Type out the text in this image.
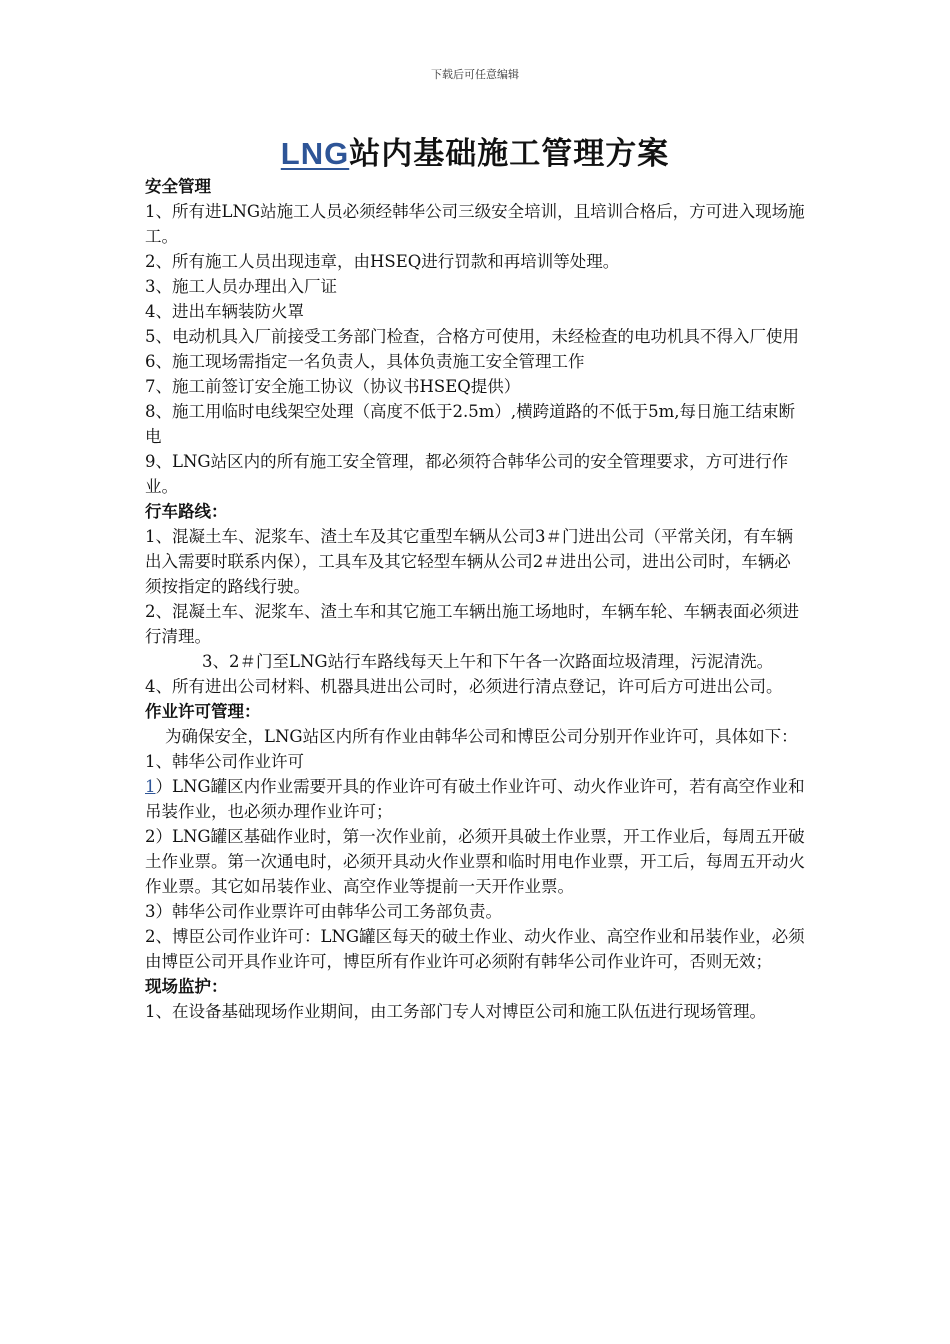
下载后可任意编辑
LNG站内基础施工管理方案

安全管理

1、所有进LNG站施工人员必须经韩华公司三级安全培训，且培训合格后，方可进入现场施工。

2、所有施工人员出现违章，由HSEQ进行罚款和再培训等处理。

3、施工人员办理出入厂证

4、进出车辆装防火罩

5、电动机具入厂前接受工务部门检查，合格方可使用，未经检查的电功机具不得入厂使用

6、施工现场需指定一名负责人，具体负责施工安全管理工作

7、施工前签订安全施工协议（协议书HSEQ提供）

8、施工用临时电线架空处理（高度不低于2.5m）,横跨道路的不低于5m,每日施工结束断电

9、LNG站区内的所有施工安全管理，都必须符合韩华公司的安全管理要求，方可进行作业。

行车路线：

1、混凝土车、泥浆车、渣土车及其它重型车辆从公司3＃门进出公司（平常关闭，有车辆出入需要时联系内保），工具车及其它轻型车辆从公司2＃进出公司，进出公司时，车辆必须按指定的路线行驶。

2、混凝土车、泥浆车、渣土车和其它施工车辆出施工场地时，车辆车轮、车辆表面必须进行清理。

3、2＃门至LNG站行车路线每天上午和下午各一次路面垃圾清理，污泥清洗。

4、所有进出公司材料、机器具进出公司时，必须进行清点登记，许可后方可进出公司。

作业许可管理：

为确保安全，LNG站区内所有作业由韩华公司和博臣公司分别开作业许可，具体如下：

1、韩华公司作业许可

1）LNG罐区内作业需要开具的作业许可有破土作业许可、动火作业许可，若有高空作业和吊装作业，也必须办理作业许可；

2）LNG罐区基础作业时，第一次作业前，必须开具破土作业票，开工作业后，每周五开破土作业票。第一次通电时，必须开具动火作业票和临时用电作业票，开工后，每周五开动火作业票。其它如吊装作业、高空作业等提前一天开作业票。

3）韩华公司作业票许可由韩华公司工务部负责。

2、博臣公司作业许可：LNG罐区每天的破土作业、动火作业、高空作业和吊装作业，必须由博臣公司开具作业许可，博臣所有作业许可必须附有韩华公司作业许可，否则无效；

现场监护：

1、在设备基础现场作业期间，由工务部门专人对博臣公司和施工队伍进行现场管理。
